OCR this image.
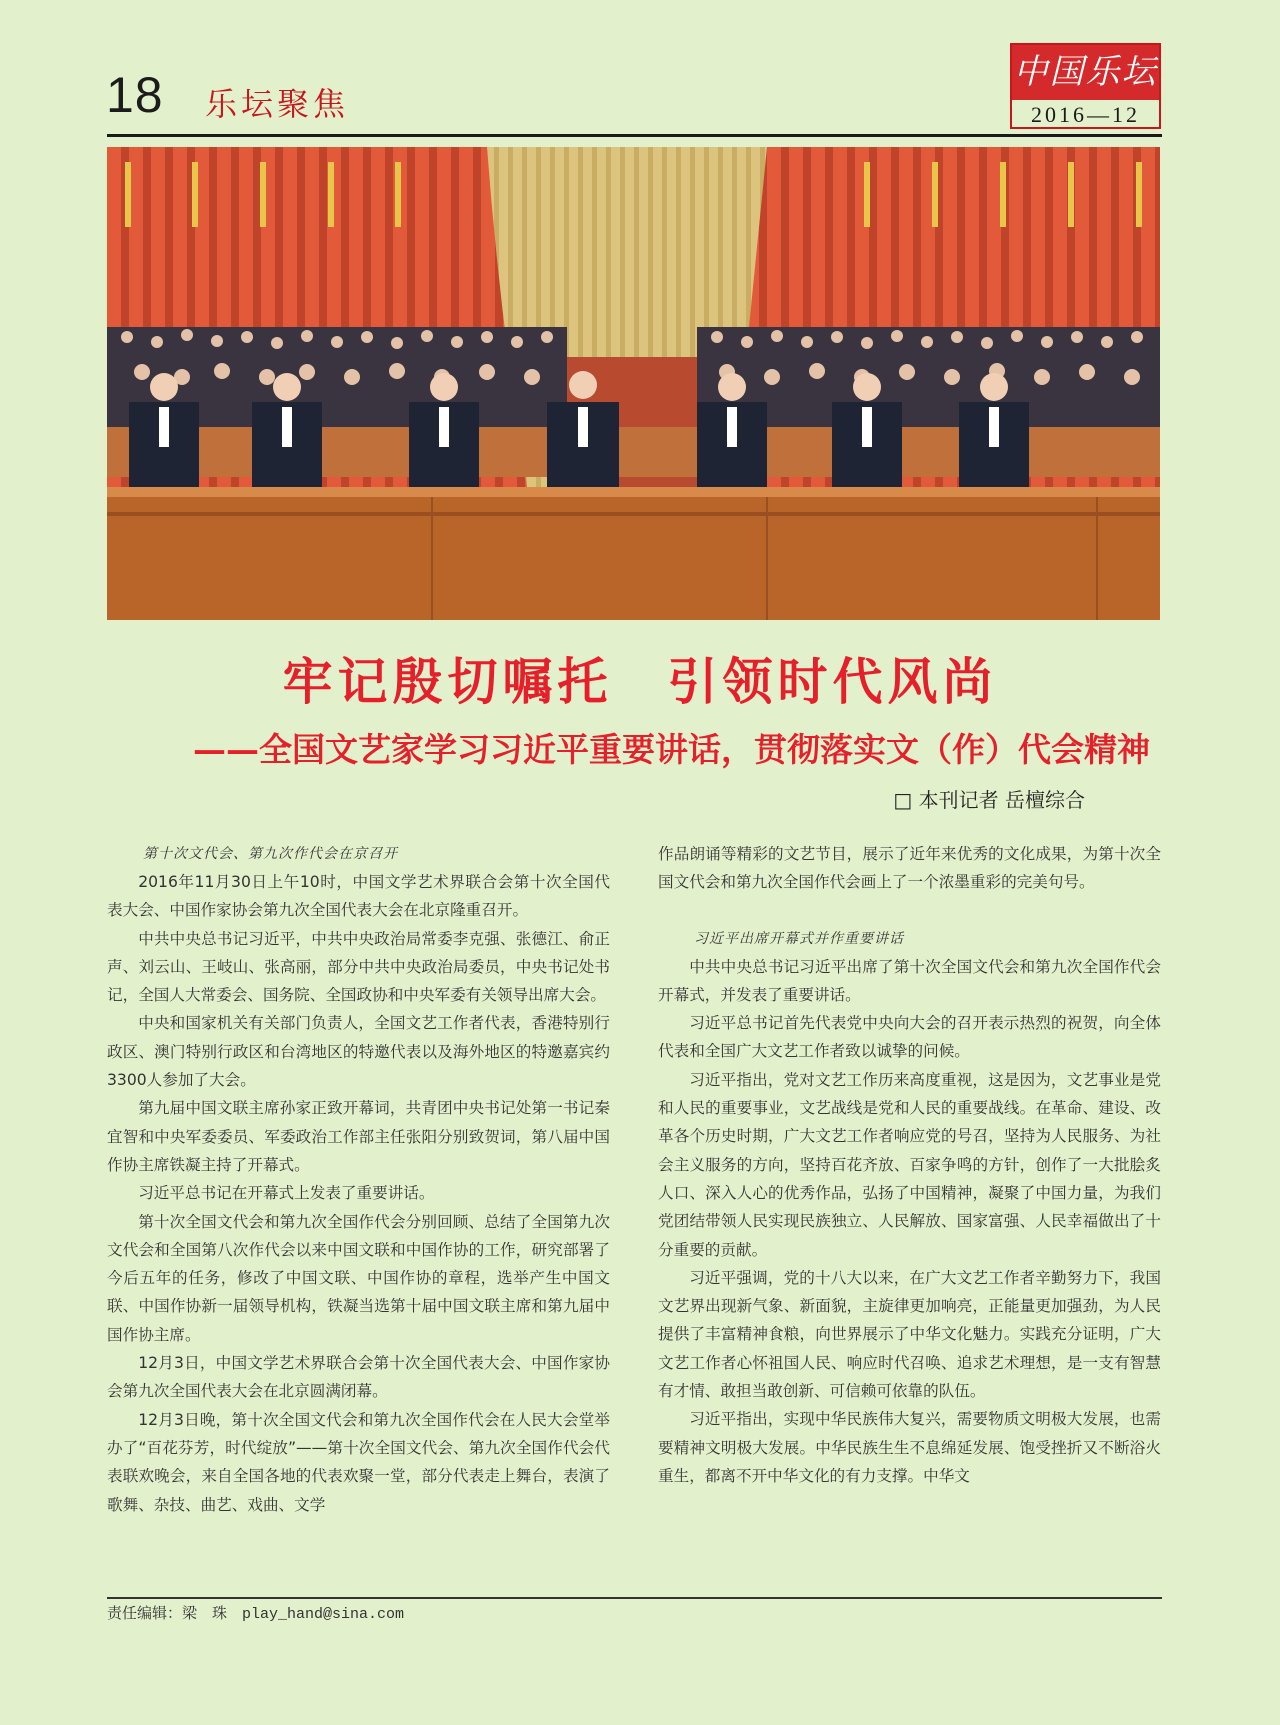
18 乐坛聚焦
中国乐坛
2016—12
牢记殷切嘱托　引领时代风尚
——全国文艺家学习习近平重要讲话，贯彻落实文（作）代会精神
□ 本刊记者 岳檀综合
第十次文代会、第九次作代会在京召开

2016年11月30日上午10时，中国文学艺术界联合会第十次全国代表大会、中国作家协会第九次全国代表大会在北京隆重召开。

中共中央总书记习近平，中共中央政治局常委李克强、张德江、俞正声、刘云山、王岐山、张高丽，部分中共中央政治局委员，中央书记处书记，全国人大常委会、国务院、全国政协和中央军委有关领导出席大会。

中央和国家机关有关部门负责人，全国文艺工作者代表，香港特别行政区、澳门特别行政区和台湾地区的特邀代表以及海外地区的特邀嘉宾约3300人参加了大会。

第九届中国文联主席孙家正致开幕词，共青团中央书记处第一书记秦宜智和中央军委委员、军委政治工作部主任张阳分别致贺词，第八届中国作协主席铁凝主持了开幕式。

习近平总书记在开幕式上发表了重要讲话。

第十次全国文代会和第九次全国作代会分别回顾、总结了全国第九次文代会和全国第八次作代会以来中国文联和中国作协的工作，研究部署了今后五年的任务，修改了中国文联、中国作协的章程，选举产生中国文联、中国作协新一届领导机构，铁凝当选第十届中国文联主席和第九届中国作协主席。

12月3日，中国文学艺术界联合会第十次全国代表大会、中国作家协会第九次全国代表大会在北京圆满闭幕。

12月3日晚，第十次全国文代会和第九次全国作代会在人民大会堂举办了“百花芬芳，时代绽放”——第十次全国文代会、第九次全国作代会代表联欢晚会，来自全国各地的代表欢聚一堂，部分代表走上舞台，表演了歌舞、杂技、曲艺、戏曲、文学

作品朗诵等精彩的文艺节目，展示了近年来优秀的文化成果，为第十次全国文代会和第九次全国作代会画上了一个浓墨重彩的完美句号。

习近平出席开幕式并作重要讲话

中共中央总书记习近平出席了第十次全国文代会和第九次全国作代会开幕式，并发表了重要讲话。

习近平总书记首先代表党中央向大会的召开表示热烈的祝贺，向全体代表和全国广大文艺工作者致以诚挚的问候。

习近平指出，党对文艺工作历来高度重视，这是因为，文艺事业是党和人民的重要事业，文艺战线是党和人民的重要战线。在革命、建设、改革各个历史时期，广大文艺工作者响应党的号召，坚持为人民服务、为社会主义服务的方向，坚持百花齐放、百家争鸣的方针，创作了一大批脍炙人口、深入人心的优秀作品，弘扬了中国精神，凝聚了中国力量，为我们党团结带领人民实现民族独立、人民解放、国家富强、人民幸福做出了十分重要的贡献。

习近平强调，党的十八大以来，在广大文艺工作者辛勤努力下，我国文艺界出现新气象、新面貌，主旋律更加响亮，正能量更加强劲，为人民提供了丰富精神食粮，向世界展示了中华文化魅力。实践充分证明，广大文艺工作者心怀祖国人民、响应时代召唤、追求艺术理想，是一支有智慧有才情、敢担当敢创新、可信赖可依靠的队伍。

习近平指出，实现中华民族伟大复兴，需要物质文明极大发展，也需要精神文明极大发展。中华民族生生不息绵延发展、饱受挫折又不断浴火重生，都离不开中华文化的有力支撑。中华文

责任编辑：梁　珠　play_hand@sina.com
